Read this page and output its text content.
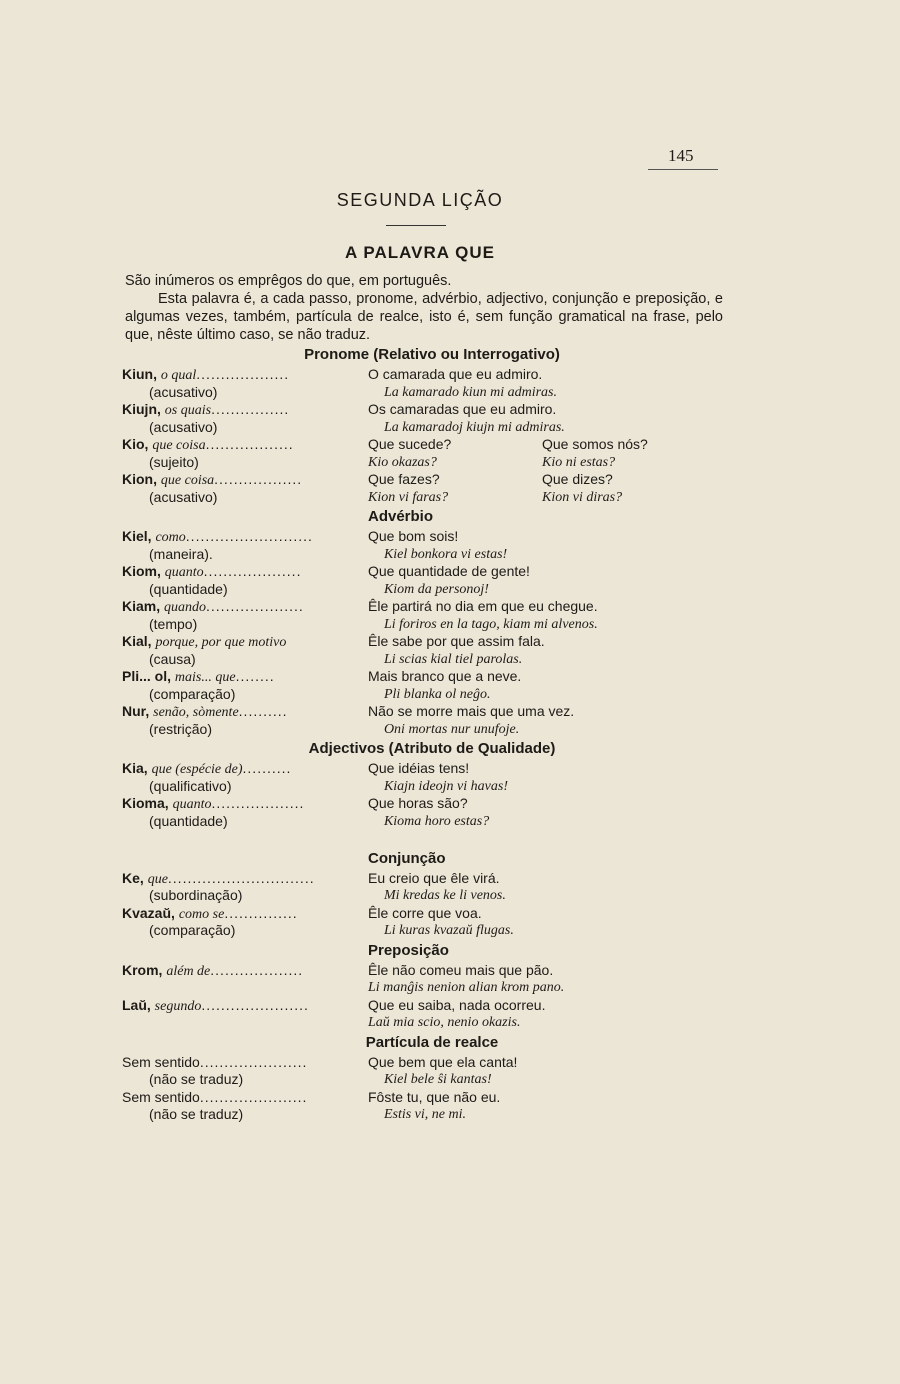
145
SEGUNDA LIÇÃO
A PALAVRA QUE

São inúmeros os emprêgos do que, em português.

Esta palavra é, a cada passo, pronome, advérbio, adjectivo, conjunção e preposição, e algumas vezes, também, partícula de realce, isto é, sem função gramatical na frase, pelo que, nêste último caso, se não traduz.

Pronome (Relativo ou Interrogativo)
Kiun, o qual...................	O camarada que eu admiro.
(acusativo)	La kamarado kiun mi admiras.
Kiujn, os quais................	Os camaradas que eu admiro.
(acusativo)	La kamaradoj kiujn mi admiras.
Kio, que coisa..................	Que sucede?	Que somos nós?
(sujeito)	Kio okazas?	Kio ni estas?
Kion, que coisa..................	Que fazes?	Que dizes?
(acusativo)	Kion vi faras?	Kion vi diras?
Advérbio
Kiel, como..........................	Que bom sois!
(maneira).	Kiel bonkora vi estas!
Kiom, quanto....................	Que quantidade de gente!
(quantidade)	Kiom da personoj!
Kiam, quando....................	Êle partirá no dia em que eu chegue.
(tempo)	Li foriros en la tago, kiam mi alvenos.
Kial, porque, por que motivo	Êle sabe por que assim fala.
(causa)	Li scias kial tiel parolas.
Pli... ol, mais... que........	Mais branco que a neve.
(comparação)	Pli blanka ol neĝo.
Nur, senão, sòmente..........	Não se morre mais que uma vez.
(restrição)	Oni mortas nur unufoje.
Adjectivos (Atributo de Qualidade)
Kia, que (espécie de)..........	Que idéias tens!
(qualificativo)	Kiajn ideojn vi havas!
Kioma, quanto...................	Que horas são?
(quantidade)	Kioma horo estas?
Conjunção
Ke, que..............................	Eu creio que êle virá.
(subordinação)	Mi kredas ke li venos.
Kvazaŭ, como se...............	Êle corre que voa.
(comparação)	Li kuras kvazaŭ flugas.
Preposição
Krom, além de...................	Êle não comeu mais que pão.
Li manĝis nenion alian krom pano.
Laŭ, segundo......................	Que eu saiba, nada ocorreu.
Laŭ mia scio, nenio okazis.
Partícula de realce
Sem sentido......................	Que bem que ela canta!
(não se traduz)	Kiel bele ŝi kantas!
Sem sentido......................	Fôste tu, que não eu.
(não se traduz)	Estis vi, ne mi.
